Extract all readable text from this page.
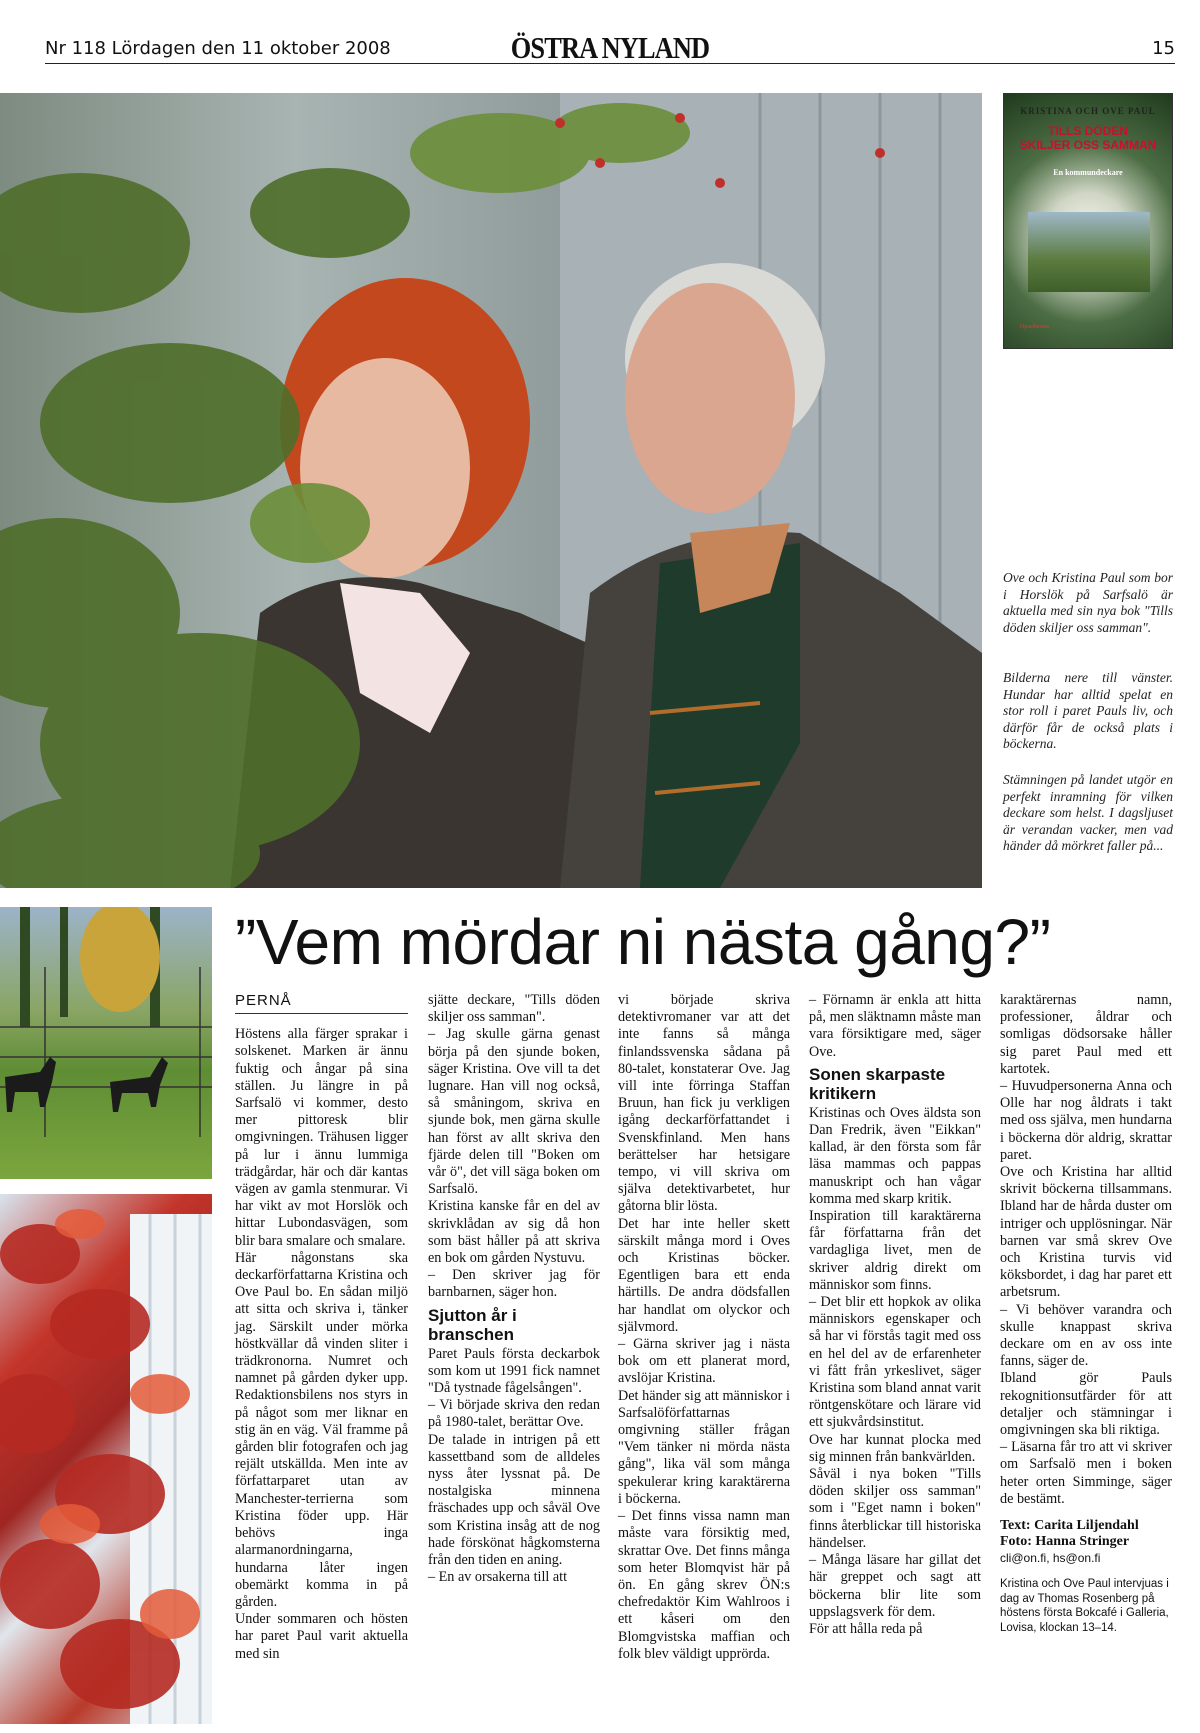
Nr 118 Lördagen den 11 oktober 2008	ÖSTRA NYLAND	15
KRISTINA OCH OVE PAUL
TILLS DÖDEN
SKILJER OSS SAMMAN
En kommundeckare
Opastberum
Ove och Kristina Paul som bor i Horslök på Sarfsalö är aktuella med sin nya bok "Tills döden skiljer oss samman".
Bilderna nere till vänster. Hundar har alltid spelat en stor roll i paret Pauls liv, och därför får de också plats i böckerna.
Stämningen på landet utgör en perfekt inramning för vilken deckare som helst. I dagsljuset är verandan vacker, men vad händer då mörkret faller på...
”Vem mördar ni nästa gång?”
PERNÅ

Höstens alla färger sprakar i solskenet. Marken är ännu fuktig och ångar på sina ställen. Ju längre in på Sarfsalö vi kommer, desto mer pittoresk blir omgivningen. Trähusen ligger på lur i ännu lummiga trädgårdar, här och där kantas vägen av gamla stenmurar. Vi har vikt av mot Horslök och hittar Lubondasvägen, som blir bara smalare och smalare.

Här någonstans ska deckarförfattarna Kristina och Ove Paul bo. En sådan miljö att sitta och skriva i, tänker jag. Särskilt under mörka höstkvällar då vinden sliter i trädkronorna. Numret och namnet på gården dyker upp. Redaktionsbilens nos styrs in på något som mer liknar en stig än en väg. Väl framme på gården blir fotografen och jag rejält utskällda. Men inte av författarparet utan av Manchester-terrierna som Kristina föder upp. Här behövs inga alarmanordningarna, hundarna låter ingen obemärkt komma in på gården.

Under sommaren och hösten har paret Paul varit aktuella med sin

sjätte deckare, "Tills döden skiljer oss samman".

– Jag skulle gärna genast börja på den sjunde boken, säger Kristina. Ove vill ta det lugnare. Han vill nog också, så småningom, skriva en sjunde bok, men gärna skulle han först av allt skriva den fjärde delen till "Boken om vår ö", det vill säga boken om Sarfsalö.

Kristina kanske får en del av skrivklådan av sig då hon som bäst håller på att skriva en bok om gården Nystuvu.

– Den skriver jag för barnbarnen, säger hon.

Sjutton år i branschen

Paret Pauls första deckarbok som kom ut 1991 fick namnet "Då tystnade fågelsången".

– Vi började skriva den redan på 1980-talet, berättar Ove.

De talade in intrigen på ett kassettband som de alldeles nyss åter lyssnat på. De nostalgiska minnena fräschades upp och såväl Ove som Kristina insåg att de nog hade förskönat hågkomsterna från den tiden en aning.

– En av orsakerna till att

vi började skriva detektivromaner var att det inte fanns så många finlandssvenska sådana på 80-talet, konstaterar Ove. Jag vill inte förringa Staffan Bruun, han fick ju verkligen igång deckarförfattandet i Svenskfinland. Men hans berättelser har hetsigare tempo, vi vill skriva om själva detektivarbetet, hur gåtorna blir lösta.

Det har inte heller skett särskilt många mord i Oves och Kristinas böcker. Egentligen bara ett enda härtills. De andra dödsfallen har handlat om olyckor och självmord.

– Gärna skriver jag i nästa bok om ett planerat mord, avslöjar Kristina.

Det händer sig att människor i Sarfsalöförfattarnas omgivning ställer frågan "Vem tänker ni mörda nästa gång", lika väl som många spekulerar kring karaktärerna i böckerna.

– Det finns vissa namn man måste vara försiktig med, skrattar Ove. Det finns många som heter Blomqvist här på ön. En gång skrev ÖN:s chefredaktör Kim Wahlroos i ett kåseri om den Blomgvistska maffian och folk blev väldigt upprörda.

– Förnamn är enkla att hitta på, men släktnamn måste man vara försiktigare med, säger Ove.

Sonen skarpaste kritikern

Kristinas och Oves äldsta son Dan Fredrik, även "Eikkan" kallad, är den första som får läsa mammas och pappas manuskript och han vågar komma med skarp kritik.

Inspiration till karaktärerna får författarna från det vardagliga livet, men de skriver aldrig direkt om människor som finns.

– Det blir ett hopkok av olika människors egenskaper och så har vi förstås tagit med oss en hel del av de erfarenheter vi fått från yrkeslivet, säger Kristina som bland annat varit röntgenskötare och lärare vid ett sjukvårdsinstitut.

Ove har kunnat plocka med sig minnen från bankvärlden.

Såväl i nya boken "Tills döden skiljer oss samman" som i "Eget namn i boken" finns återblickar till historiska händelser.

– Många läsare har gillat det här greppet och sagt att böckerna blir lite som uppslagsverk för dem.

För att hålla reda på

karaktärernas namn, professioner, åldrar och somligas dödsorsake håller sig paret Paul med ett kartotek.

– Huvudpersonerna Anna och Olle har nog åldrats i takt med oss själva, men hundarna i böckerna dör aldrig, skrattar paret.

Ove och Kristina har alltid skrivit böckerna tillsammans. Ibland har de hårda duster om intriger och upplösningar. När barnen var små skrev Ove och Kristina turvis vid köksbordet, i dag har paret ett arbetsrum.

– Vi behöver varandra och skulle knappast skriva deckare om en av oss inte fanns, säger de.

Ibland gör Pauls rekognitionsutfärder för att detaljer och stämningar i omgivningen ska bli riktiga.

– Läsarna får tro att vi skriver om Sarfsalö men i boken heter orten Simminge, säger de bestämt.

Text: Carita Liljendahl
Foto: Hanna Stringer
cli@on.fi, hs@on.fi
Kristina och Ove Paul intervjuas i dag av Thomas Rosenberg på höstens första Bokcafé i Galleria, Lovisa, klockan 13–14.
